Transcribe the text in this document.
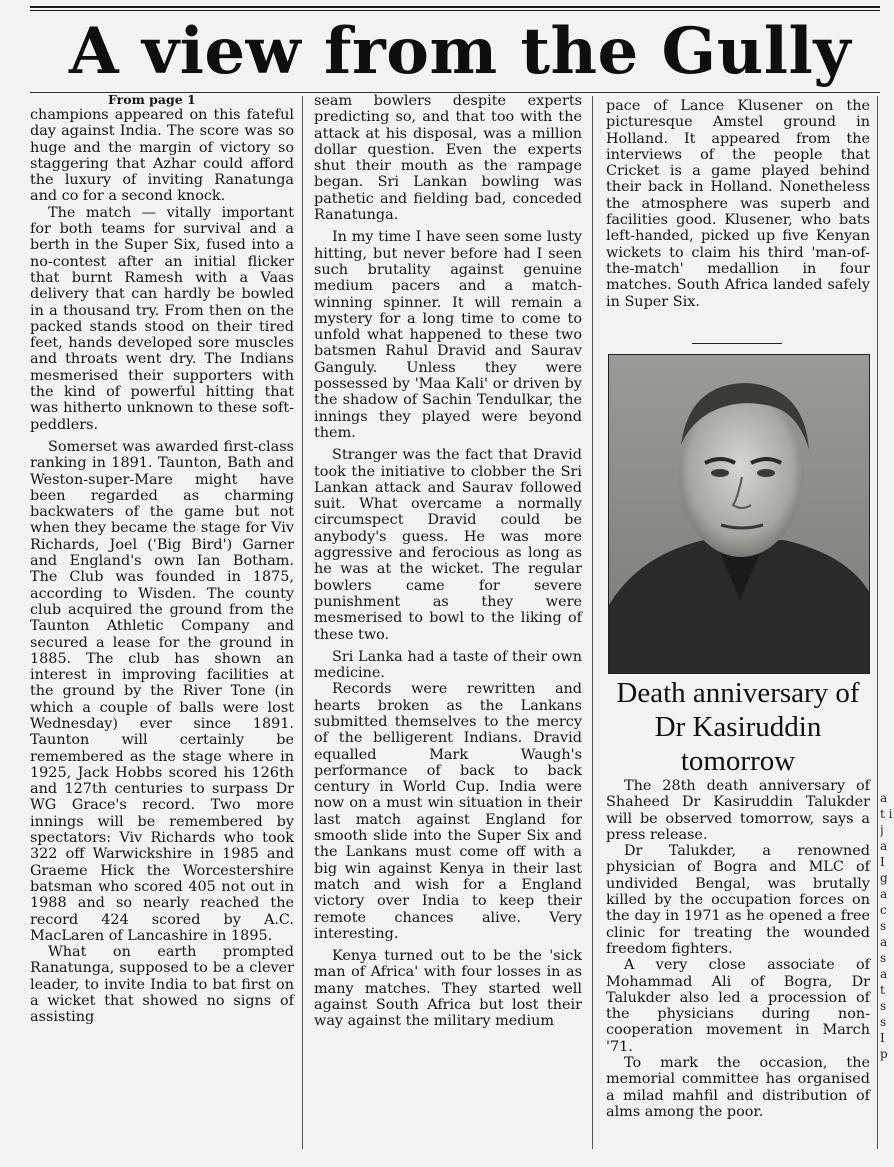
A view from the Gully
From page 1

champions appeared on this fateful day against India. The score was so huge and the margin of victory so staggering that Azhar could afford the luxury of inviting Ranatunga and co for a second knock.

The match — vitally important for both teams for survival and a berth in the Super Six, fused into a no-contest after an initial flicker that burnt Ramesh with a Vaas delivery that can hardly be bowled in a thousand try. From then on the packed stands stood on their tired feet, hands developed sore muscles and throats went dry. The Indians mesmerised their supporters with the kind of powerful hitting that was hitherto unknown to these soft-peddlers.

Somerset was awarded first-class ranking in 1891. Taunton, Bath and Weston-super-Mare might have been regarded as charming backwaters of the game but not when they became the stage for Viv Richards, Joel ('Big Bird') Garner and England's own Ian Botham. The Club was founded in 1875, according to Wisden. The county club acquired the ground from the Taunton Athletic Company and secured a lease for the ground in 1885. The club has shown an interest in improving facilities at the ground by the River Tone (in which a couple of balls were lost Wednesday) ever since 1891. Taunton will certainly be remembered as the stage where in 1925, Jack Hobbs scored his 126th and 127th centuries to surpass Dr WG Grace's record. Two more innings will be remembered by spectators: Viv Richards who took 322 off Warwickshire in 1985 and Graeme Hick the Worcestershire batsman who scored 405 not out in 1988 and so nearly reached the record 424 scored by A.C. MacLaren of Lancashire in 1895.

What on earth prompted Ranatunga, supposed to be a clever leader, to invite India to bat first on a wicket that showed no signs of assisting

seam bowlers despite experts predicting so, and that too with the attack at his disposal, was a million dollar question. Even the experts shut their mouth as the rampage began. Sri Lankan bowling was pathetic and fielding bad, conceded Ranatunga.

In my time I have seen some lusty hitting, but never before had I seen such brutality against genuine medium pacers and a match-winning spinner. It will remain a mystery for a long time to come to unfold what happened to these two batsmen Rahul Dravid and Saurav Ganguly. Unless they were possessed by 'Maa Kali' or driven by the shadow of Sachin Tendulkar, the innings they played were beyond them.

Stranger was the fact that Dravid took the initiative to clobber the Sri Lankan attack and Saurav followed suit. What overcame a normally circumspect Dravid could be anybody's guess. He was more aggressive and ferocious as long as he was at the wicket. The regular bowlers came for severe punishment as they were mesmerised to bowl to the liking of these two.

Sri Lanka had a taste of their own medicine.

Records were rewritten and hearts broken as the Lankans submitted themselves to the mercy of the belligerent Indians. Dravid equalled Mark Waugh's performance of back to back century in World Cup. India were now on a must win situation in their last match against England for smooth slide into the Super Six and the Lankans must come off with a big win against Kenya in their last match and wish for a England victory over India to keep their remote chances alive. Very interesting.

Kenya turned out to be the 'sick man of Africa' with four losses in as many matches. They started well against South Africa but lost their way against the military medium

pace of Lance Klusener on the picturesque Amstel ground in Holland. It appeared from the interviews of the people that Cricket is a game played behind their back in Holland. Nonetheless the atmosphere was superb and facilities good. Klusener, who bats left-handed, picked up five Kenyan wickets to claim his third 'man-of-the-match' medallion in four matches. South Africa landed safely in Super Six.

Death anniversary of Dr Kasiruddin tomorrow

The 28th death anniversary of Shaheed Dr Kasiruddin Talukder will be observed tomorrow, says a press release.

Dr Talukder, a renowned physician of Bogra and MLC of undivided Bengal, was brutally killed by the occupation forces on the day in 1971 as he opened a free clinic for treating the wounded freedom fighters.

A very close associate of Mohammad Ali of Bogra, Dr Talukder also led a procession of the physicians during non-cooperation movement in March '71.

To mark the occasion, the memorial committee has organised a milad mahfil and distribution of alms among the poor.

a t i j a I g a c s a s a t s s I p
